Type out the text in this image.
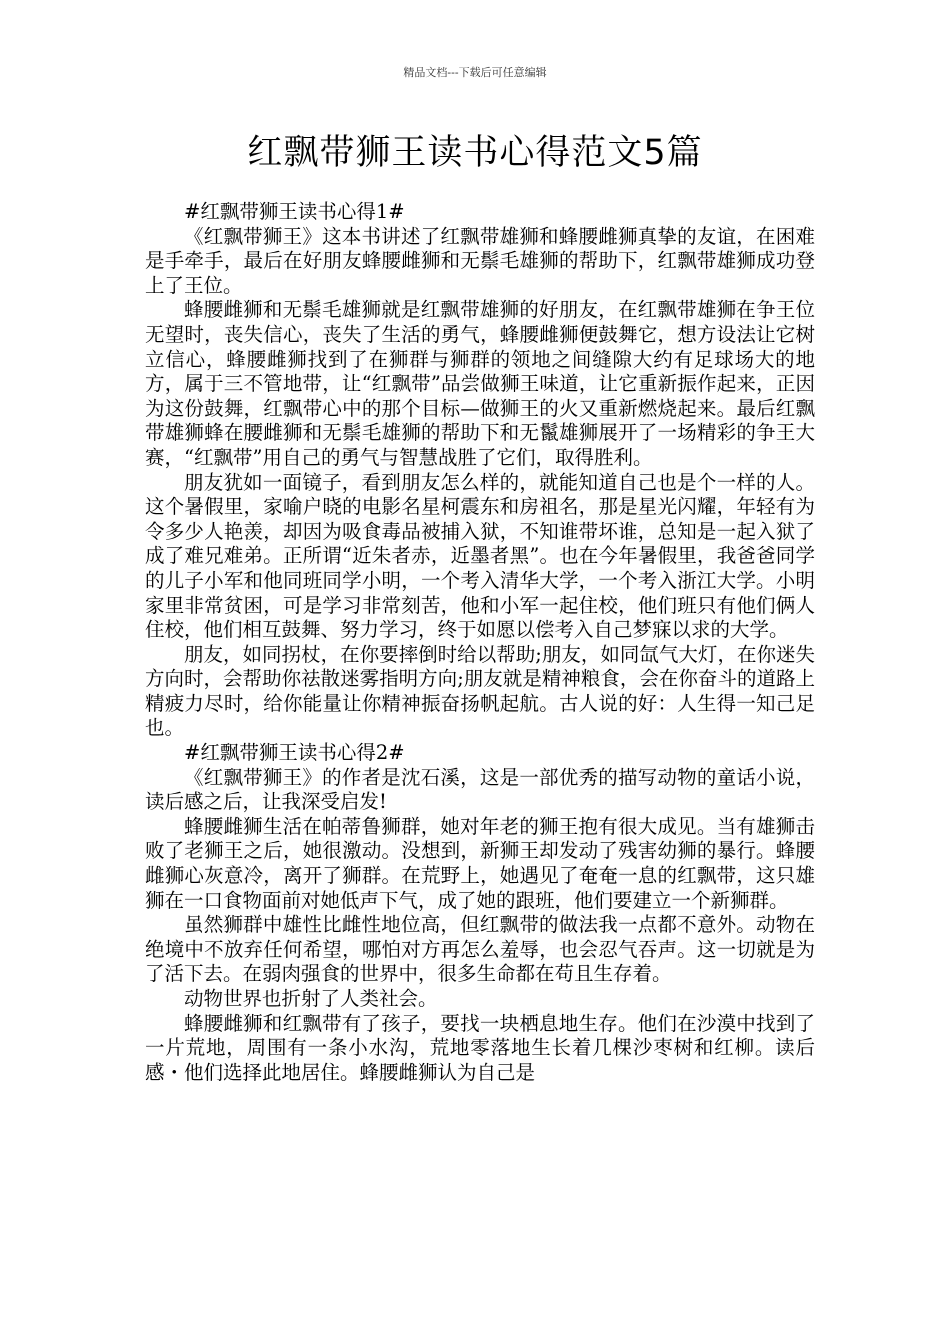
精品文档---下载后可任意编辑
红飘带狮王读书心得范文5篇

#红飘带狮王读书心得1#

《红飘带狮王》这本书讲述了红飘带雄狮和蜂腰雌狮真挚的友谊，在困难是手牵手，最后在好朋友蜂腰雌狮和无鬃毛雄狮的帮助下，红飘带雄狮成功登上了王位。

蜂腰雌狮和无鬃毛雄狮就是红飘带雄狮的好朋友，在红飘带雄狮在争王位无望时，丧失信心，丧失了生活的勇气，蜂腰雌狮便鼓舞它，想方设法让它树立信心，蜂腰雌狮找到了在狮群与狮群的领地之间缝隙大约有足球场大的地方，属于三不管地带，让“红飘带”品尝做狮王味道，让它重新振作起来，正因为这份鼓舞，红飘带心中的那个目标—做狮王的火又重新燃烧起来。最后红飘带雄狮蜂在腰雌狮和无鬃毛雄狮的帮助下和无鬣雄狮展开了一场精彩的争王大赛，“红飘带”用自己的勇气与智慧战胜了它们，取得胜利。

朋友犹如一面镜子，看到朋友怎么样的，就能知道自己也是个一样的人。这个暑假里，家喻户晓的电影名星柯震东和房祖名，那是星光闪耀，年轻有为令多少人艳羡，却因为吸食毒品被捕入狱，不知谁带坏谁，总知是一起入狱了成了难兄难弟。正所谓“近朱者赤，近墨者黑”。也在今年暑假里，我爸爸同学的儿子小军和他同班同学小明，一个考入清华大学，一个考入浙江大学。小明家里非常贫困，可是学习非常刻苦，他和小军一起住校，他们班只有他们俩人住校，他们相互鼓舞、努力学习，终于如愿以偿考入自己梦寐以求的大学。

朋友，如同拐杖，在你要摔倒时给以帮助;朋友，如同氙气大灯，在你迷失方向时，会帮助你祛散迷雾指明方向;朋友就是精神粮食，会在你奋斗的道路上精疲力尽时，给你能量让你精神振奋扬帆起航。古人说的好：人生得一知己足也。

#红飘带狮王读书心得2#

《红飘带狮王》的作者是沈石溪，这是一部优秀的描写动物的童话小说，读后感之后，让我深受启发!

蜂腰雌狮生活在帕蒂鲁狮群，她对年老的狮王抱有很大成见。当有雄狮击败了老狮王之后，她很激动。没想到，新狮王却发动了残害幼狮的暴行。蜂腰雌狮心灰意冷，离开了狮群。在荒野上，她遇见了奄奄一息的红飘带，这只雄狮在一口食物面前对她低声下气，成了她的跟班，他们要建立一个新狮群。

虽然狮群中雄性比雌性地位高，但红飘带的做法我一点都不意外。动物在绝境中不放弃任何希望，哪怕对方再怎么羞辱，也会忍气吞声。这一切就是为了活下去。在弱肉强食的世界中，很多生命都在苟且生存着。

动物世界也折射了人类社会。

蜂腰雌狮和红飘带有了孩子，要找一块栖息地生存。他们在沙漠中找到了一片荒地，周围有一条小水沟，荒地零落地生长着几棵沙枣树和红柳。读后感・他们选择此地居住。蜂腰雌狮认为自己是
